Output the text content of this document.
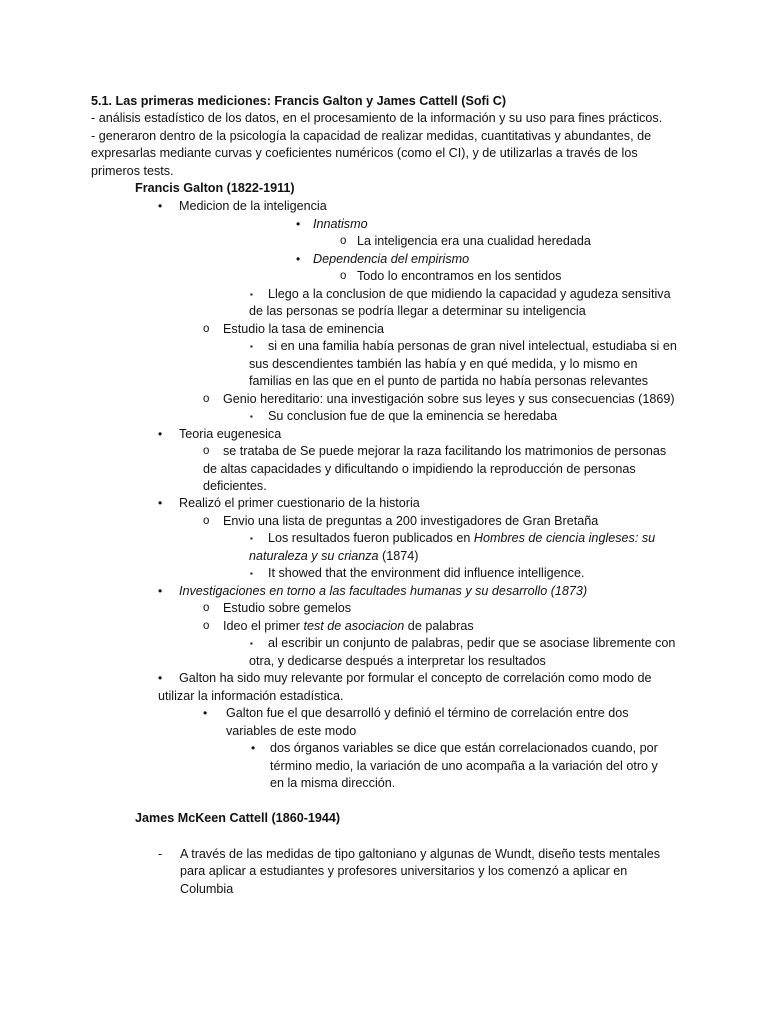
5.1. Las primeras mediciones: Francis Galton y James Cattell (Sofi C)
- análisis estadístico de los datos, en el procesamiento de la información y su uso para fines prácticos.
- generaron dentro de la psicología la capacidad de realizar medidas, cuantitativas y abundantes, de
expresarlas mediante curvas y coeficientes numéricos (como el CI), y de utilizarlas a través de los
primeros tests.
Francis Galton (1822-1911)
• Medicion de la inteligencia
• Innatismo
o La inteligencia era una cualidad heredada
• Dependencia del empirismo
o Todo lo encontramos en los sentidos
▪ Llego a la conclusion de que midiendo la capacidad y agudeza sensitiva
de las personas se podría llegar a determinar su inteligencia
o Estudio la tasa de eminencia
▪ si en una familia había personas de gran nivel intelectual, estudiaba si en
sus descendientes también las había y en qué medida, y lo mismo en
familias en las que en el punto de partida no había personas relevantes
o Genio hereditario: una investigación sobre sus leyes y sus consecuencias (1869)
▪ Su conclusion fue de que la eminencia se heredaba
• Teoria eugenesica
o se trataba de Se puede mejorar la raza facilitando los matrimonios de personas
de altas capacidades y dificultando o impidiendo la reproducción de personas
deficientes.
• Realizó el primer cuestionario de la historia
o Envio una lista de preguntas a 200 investigadores de Gran Bretaña
▪ Los resultados fueron publicados en Hombres de ciencia ingleses: su
naturaleza y su crianza (1874)
▪ It showed that the environment did influence intelligence.
• Investigaciones en torno a las facultades humanas y su desarrollo (1873)
o Estudio sobre gemelos
o Ideo el primer test de asociacion de palabras
▪ al escribir un conjunto de palabras, pedir que se asociase libremente con
otra, y dedicarse después a interpretar los resultados
• Galton ha sido muy relevante por formular el concepto de correlación como modo de
utilizar la información estadística.
• Galton fue el que desarrolló y definió el término de correlación entre dos
variables de este modo
• dos órganos variables se dice que están correlacionados cuando, por
término medio, la variación de uno acompaña a la variación del otro y
en la misma dirección.
James McKeen Cattell (1860-1944)
- A través de las medidas de tipo galtoniano y algunas de Wundt, diseño tests mentales
para aplicar a estudiantes y profesores universitarios y los comenzó a aplicar en
Columbia
